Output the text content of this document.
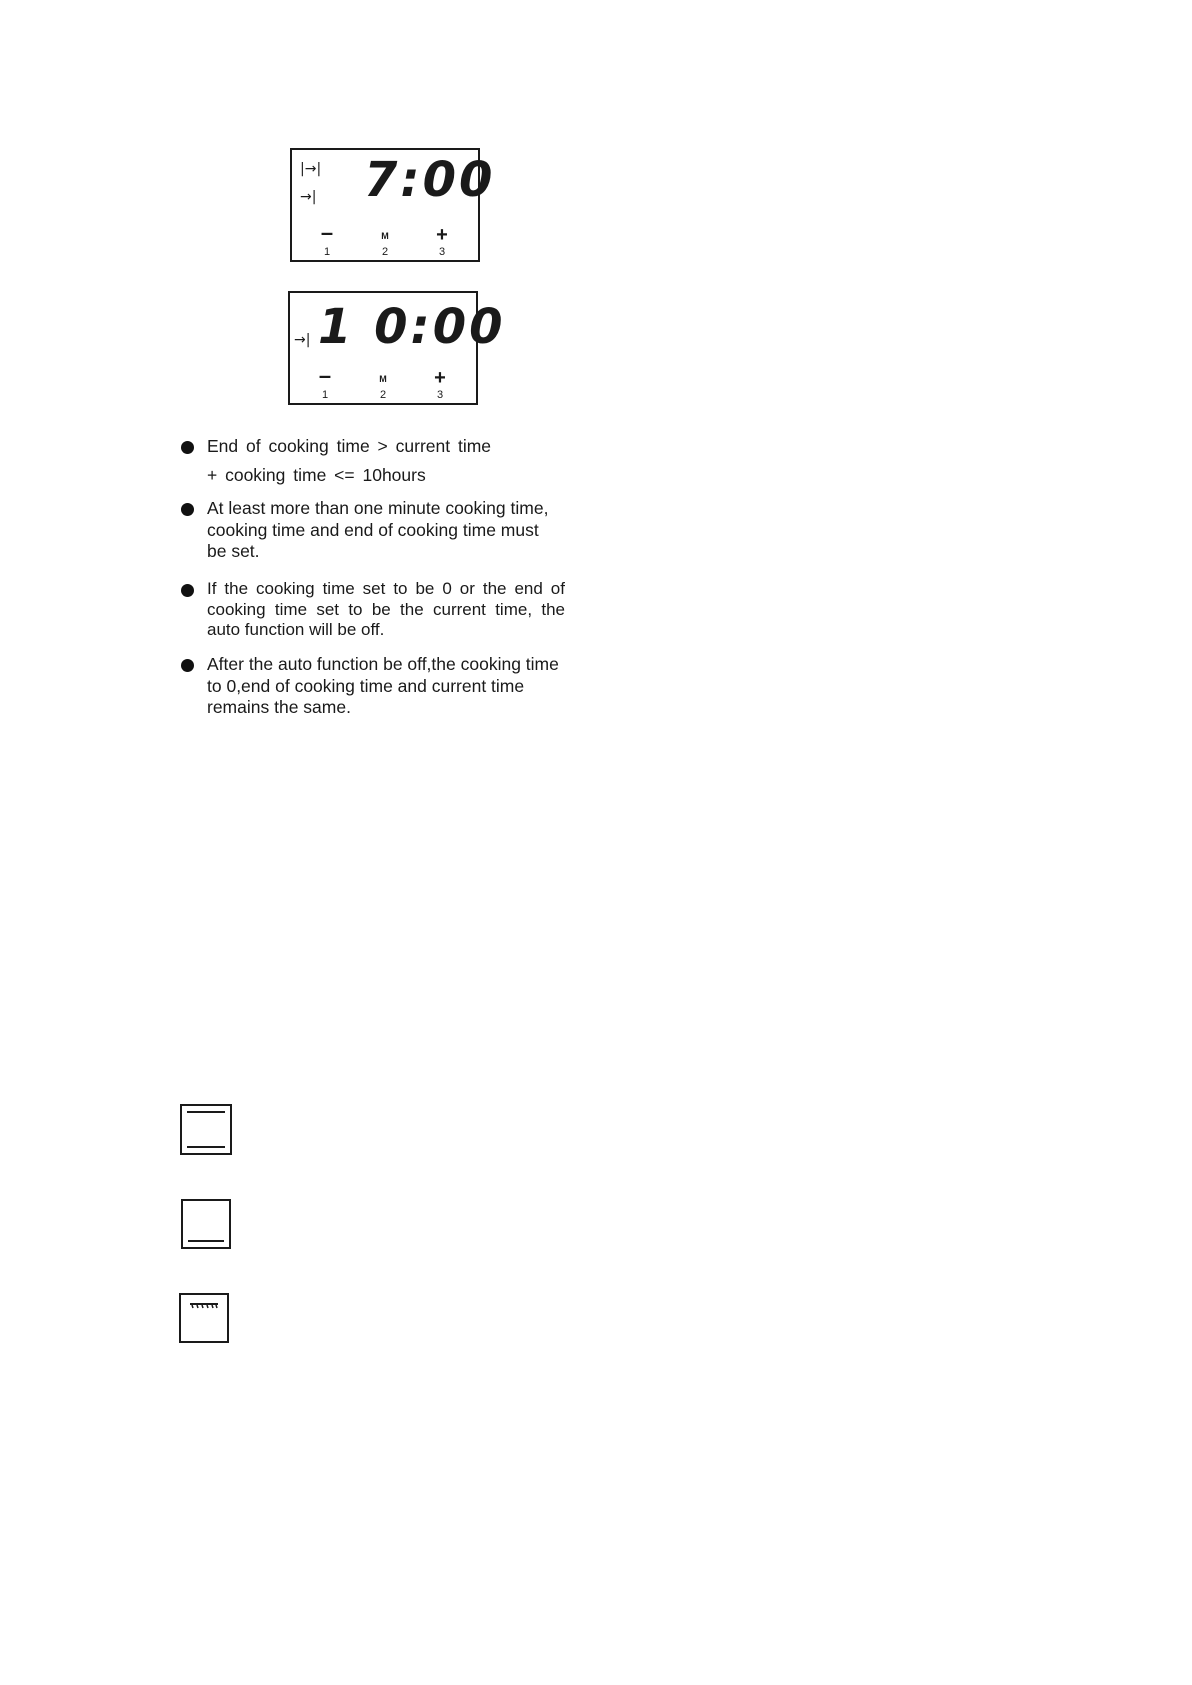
|→|
→| 7:00
–
1
M
2
+
3
→| 1 0:00
–
1
M
2
+
3
End of cooking time > current time
+ cooking time <= 10hours
At least more than one minute cooking time, cooking time and end of cooking time must be set.
If the cooking time set to be 0 or the end of cooking time set to be the current time, the auto function will be off.
After the auto function be off,the cooking time to 0,end of cooking time and current time remains the same.
